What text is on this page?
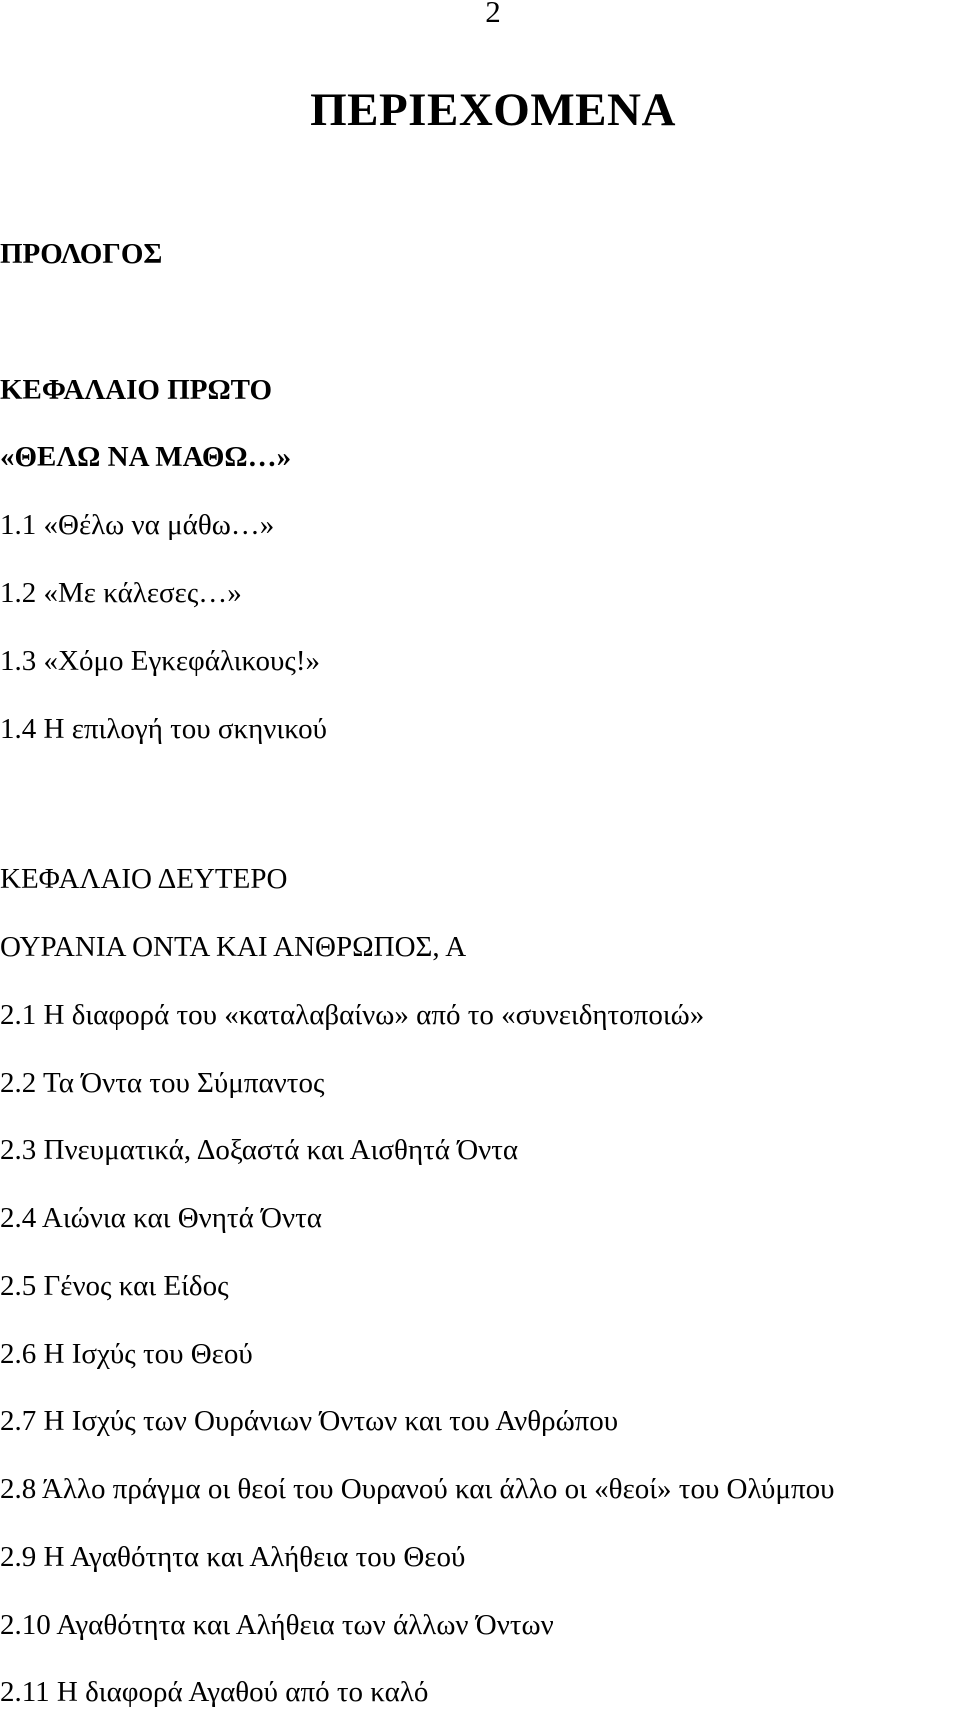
2
ΠΕΡΙΕΧΟΜΕΝΑ
ΠΡΟΛΟΓΟΣ
ΚΕΦΑΛΑΙΟ ΠΡΩΤΟ
«ΘΕΛΩ ΝΑ ΜΑΘΩ…»
1.1 «Θέλω να μάθω…»
1.2 «Με κάλεσες…»
1.3 «Χόμο Εγκεφάλικους!»
1.4 Η επιλογή του σκηνικού
ΚΕΦΑΛΑΙΟ ΔΕΥΤΕΡΟ
ΟΥΡΑΝΙΑ ΟΝΤΑ ΚΑΙ ΑΝΘΡΩΠΟΣ, Α
2.1 Η διαφορά του «καταλαβαίνω» από το «συνειδητοποιώ»
2.2 Τα Όντα του Σύμπαντος
2.3 Πνευματικά, Δοξαστά και Αισθητά Όντα
2.4 Αιώνια και Θνητά Όντα
2.5 Γένος και Είδος
2.6 Η Ισχύς του Θεού
2.7 Η Ισχύς των Ουράνιων Όντων και του Ανθρώπου
2.8 Άλλο πράγμα οι θεοί του Ουρανού και άλλο οι «θεοί» του Ολύμπου
2.9 Η Αγαθότητα και Αλήθεια του Θεού
2.10 Αγαθότητα και Αλήθεια των άλλων Όντων
2.11 Η διαφορά Αγαθού από το καλό
